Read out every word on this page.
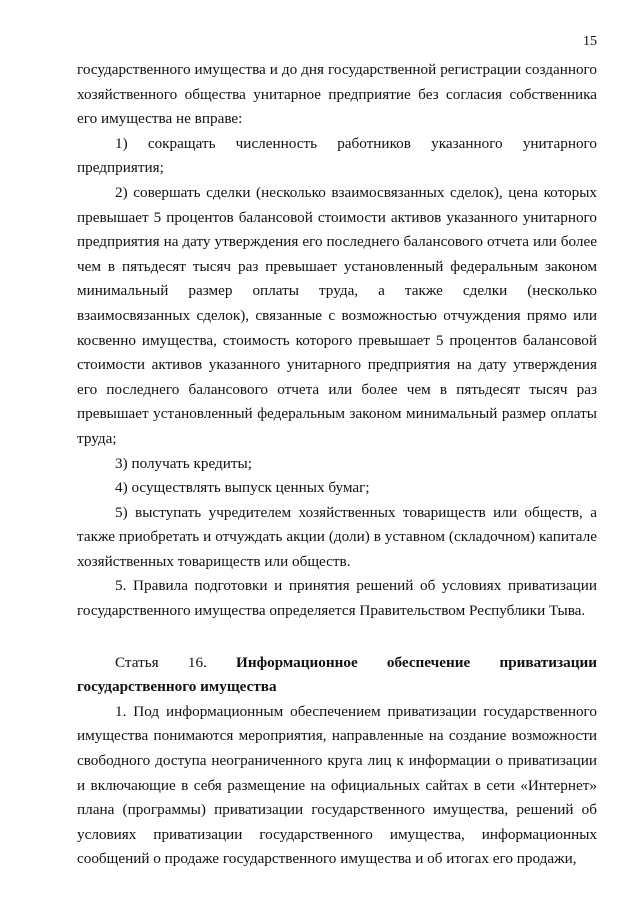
15

государственного имущества и до дня государственной регистрации созданного хозяйственного общества унитарное предприятие без согласия собственника его имущества не вправе:

1) сокращать численность работников указанного унитарного предприятия;

2) совершать сделки (несколько взаимосвязанных сделок), цена которых превышает 5 процентов балансовой стоимости активов указанного унитарного предприятия на дату утверждения его последнего балансового отчета или более чем в пятьдесят тысяч раз превышает установленный федеральным законом минимальный размер оплаты труда, а также сделки (несколько взаимосвязанных сделок), связанные с возможностью отчуждения прямо или косвенно имущества, стоимость которого превышает 5 процентов балансовой стоимости активов указанного унитарного предприятия на дату утверждения его последнего балансового отчета или более чем в пятьдесят тысяч раз превышает установленный федеральным законом минимальный размер оплаты труда;

3) получать кредиты;

4) осуществлять выпуск ценных бумаг;

5) выступать учредителем хозяйственных товариществ или обществ, а также приобретать и отчуждать акции (доли) в уставном (складочном) капитале хозяйственных товариществ или обществ.

5. Правила подготовки и принятия решений об условиях приватизации государственного имущества определяется Правительством Республики Тыва.

Статья 16. Информационное обеспечение приватизации
государственного имущества

1. Под информационным обеспечением приватизации государственного имущества понимаются мероприятия, направленные на создание возможности свободного доступа неограниченного круга лиц к информации о приватизации и включающие в себя размещение на официальных сайтах в сети «Интернет» плана (программы) приватизации государственного имущества, решений об условиях приватизации государственного имущества, информационных сообщений о продаже государственного имущества и об итогах его продажи,
